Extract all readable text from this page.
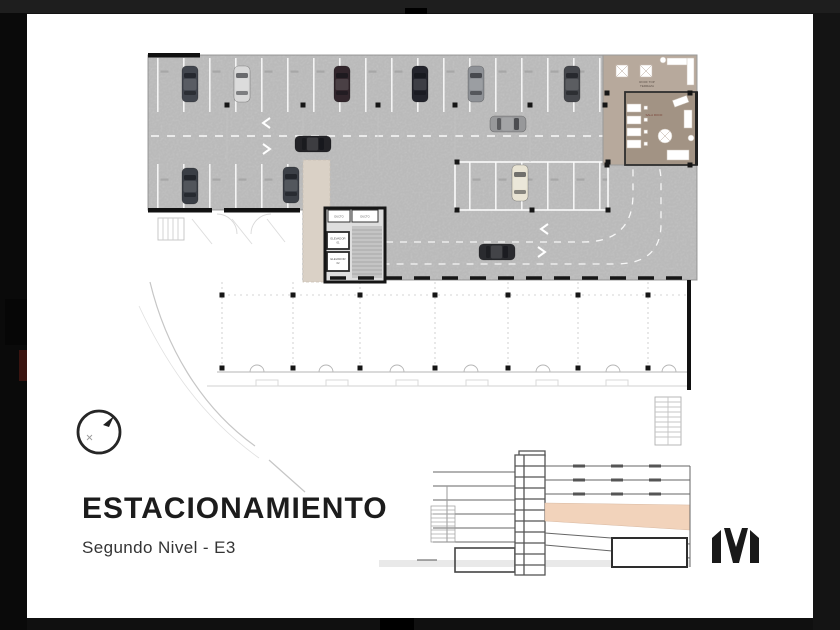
ROOF TOP
TERRAZA
SALA ROOF
DUCTO	DUCTO
ELEVADOR
01
ELEVADOR
02
ESTACIONAMIENTO
Segundo Nivel - E3
